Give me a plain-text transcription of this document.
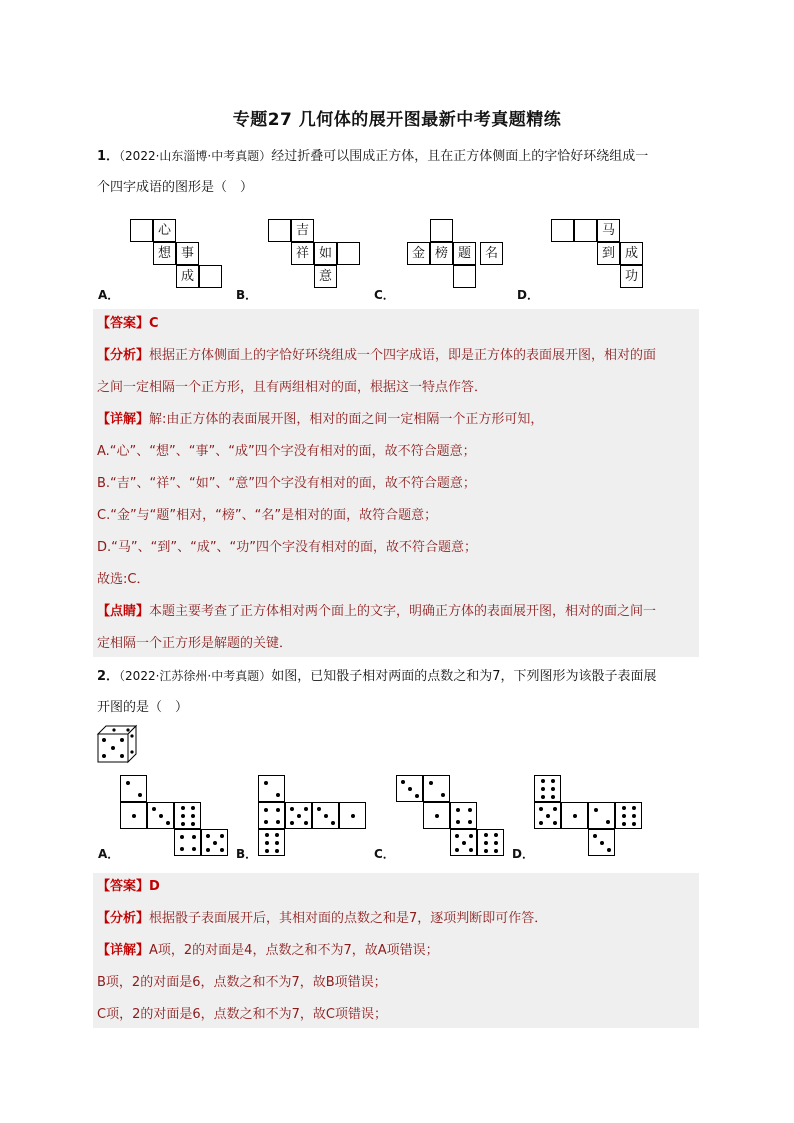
专题27 几何体的展开图最新中考真题精练
1．（2022·山东淄博·中考真题）经过折叠可以围成正方体，且在正方体侧面上的字恰好环绕组成一
个四字成语的图形是（　）
心
想 事
成
A．
吉
祥 如
意
B．
金 榜 题	名
C．
马
到 成
功
D．
【答案】C
【分析】根据正方体侧面上的字恰好环绕组成一个四字成语，即是正方体的表面展开图，相对的面
之间一定相隔一个正方形，且有两组相对的面，根据这一特点作答．
【详解】解:由正方体的表面展开图，相对的面之间一定相隔一个正方形可知，
A.“心”、“想”、“事”、“成”四个字没有相对的面，故不符合题意；
B.“吉”、“祥”、“如”、“意”四个字没有相对的面，故不符合题意；
C.“金”与“题”相对，“榜”、“名”是相对的面，故符合题意；
D.“马”、“到”、“成”、“功”四个字没有相对的面，故不符合题意；
故选:C．
【点睛】本题主要考查了正方体相对两个面上的文字，明确正方体的表面展开图，相对的面之间一
定相隔一个正方形是解题的关键．
2．（2022·江苏徐州·中考真题）如图，已知骰子相对两面的点数之和为7，下列图形为该骰子表面展
开图的是（　）
A．	B．	C．	D．
【答案】D
【分析】根据骰子表面展开后，其相对面的点数之和是7，逐项判断即可作答．
【详解】A项，2的对面是4，点数之和不为7，故A项错误；
B项，2的对面是6，点数之和不为7，故B项错误；
C项，2的对面是6，点数之和不为7，故C项错误；
